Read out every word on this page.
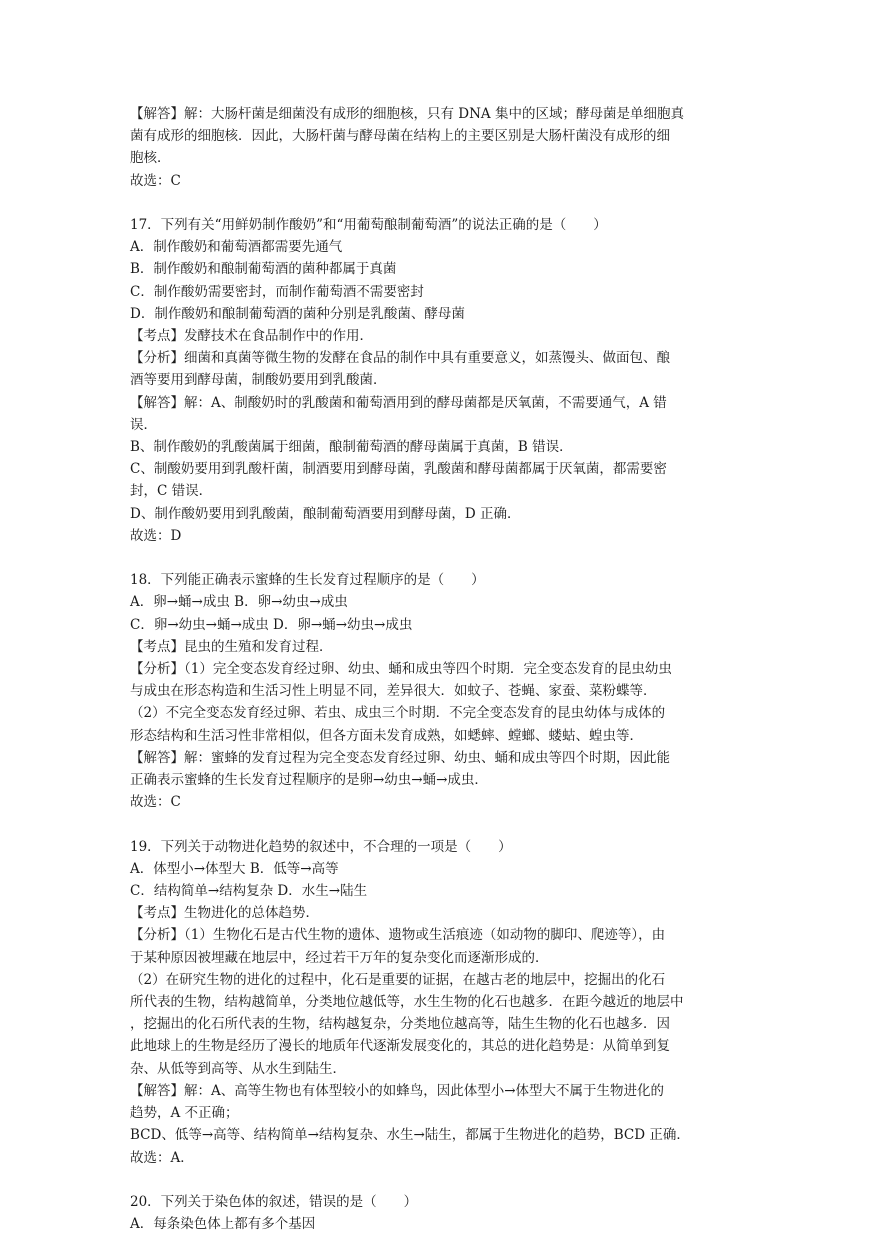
【解答】解：大肠杆菌是细菌没有成形的细胞核，只有 DNA 集中的区域；酵母菌是单细胞真
菌有成形的细胞核．因此，大肠杆菌与酵母菌在结构上的主要区别是大肠杆菌没有成形的细
胞核．
故选：C
17．下列有关“用鲜奶制作酸奶”和“用葡萄酿制葡萄酒”的说法正确的是（　　）
A．制作酸奶和葡萄酒都需要先通气
B．制作酸奶和酿制葡萄酒的菌种都属于真菌
C．制作酸奶需要密封，而制作葡萄酒不需要密封
D．制作酸奶和酿制葡萄酒的菌种分别是乳酸菌、酵母菌
【考点】发酵技术在食品制作中的作用．
【分析】细菌和真菌等微生物的发酵在食品的制作中具有重要意义，如蒸馒头、做面包、酿
酒等要用到酵母菌，制酸奶要用到乳酸菌．
【解答】解：A、制酸奶时的乳酸菌和葡萄酒用到的酵母菌都是厌氧菌，不需要通气，A 错
误．
B、制作酸奶的乳酸菌属于细菌，酿制葡萄酒的酵母菌属于真菌，B 错误．
C、制酸奶要用到乳酸杆菌，制酒要用到酵母菌，乳酸菌和酵母菌都属于厌氧菌，都需要密
封，C 错误．
D、制作酸奶要用到乳酸菌，酿制葡萄酒要用到酵母菌，D 正确．
故选：D
18．下列能正确表示蜜蜂的生长发育过程顺序的是（　　）
A．卵→蛹→成虫 B．卵→幼虫→成虫
C．卵→幼虫→蛹→成虫 D．卵→蛹→幼虫→成虫
【考点】昆虫的生殖和发育过程．
【分析】（1）完全变态发育经过卵、幼虫、蛹和成虫等四个时期．完全变态发育的昆虫幼虫
与成虫在形态构造和生活习性上明显不同，差异很大．如蚊子、苍蝇、家蚕、菜粉蝶等．
（2）不完全变态发育经过卵、若虫、成虫三个时期．不完全变态发育的昆虫幼体与成体的
形态结构和生活习性非常相似，但各方面未发育成熟，如蟋蟀、螳螂、蝼蛄、蝗虫等．
【解答】解：蜜蜂的发育过程为完全变态发育经过卵、幼虫、蛹和成虫等四个时期，因此能
正确表示蜜蜂的生长发育过程顺序的是卵→幼虫→蛹→成虫．
故选：C
19．下列关于动物进化趋势的叙述中，不合理的一项是（　　）
A．体型小→体型大 B．低等→高等
C．结构简单→结构复杂 D．水生→陆生
【考点】生物进化的总体趋势．
【分析】（1）生物化石是古代生物的遗体、遗物或生活痕迹（如动物的脚印、爬迹等），由
于某种原因被埋藏在地层中，经过若干万年的复杂变化而逐渐形成的．
（2）在研究生物的进化的过程中，化石是重要的证据，在越古老的地层中，挖掘出的化石
所代表的生物，结构越简单，分类地位越低等，水生生物的化石也越多．在距今越近的地层中
，挖掘出的化石所代表的生物，结构越复杂，分类地位越高等，陆生生物的化石也越多．因
此地球上的生物是经历了漫长的地质年代逐渐发展变化的，其总的进化趋势是：从简单到复
杂、从低等到高等、从水生到陆生．
【解答】解：A、高等生物也有体型较小的如蜂鸟，因此体型小→体型大不属于生物进化的
趋势，A 不正确；
BCD、低等→高等、结构简单→结构复杂、水生→陆生，都属于生物进化的趋势，BCD 正确．
故选：A．
20．下列关于染色体的叙述，错误的是（　　）
A．每条染色体上都有多个基因
